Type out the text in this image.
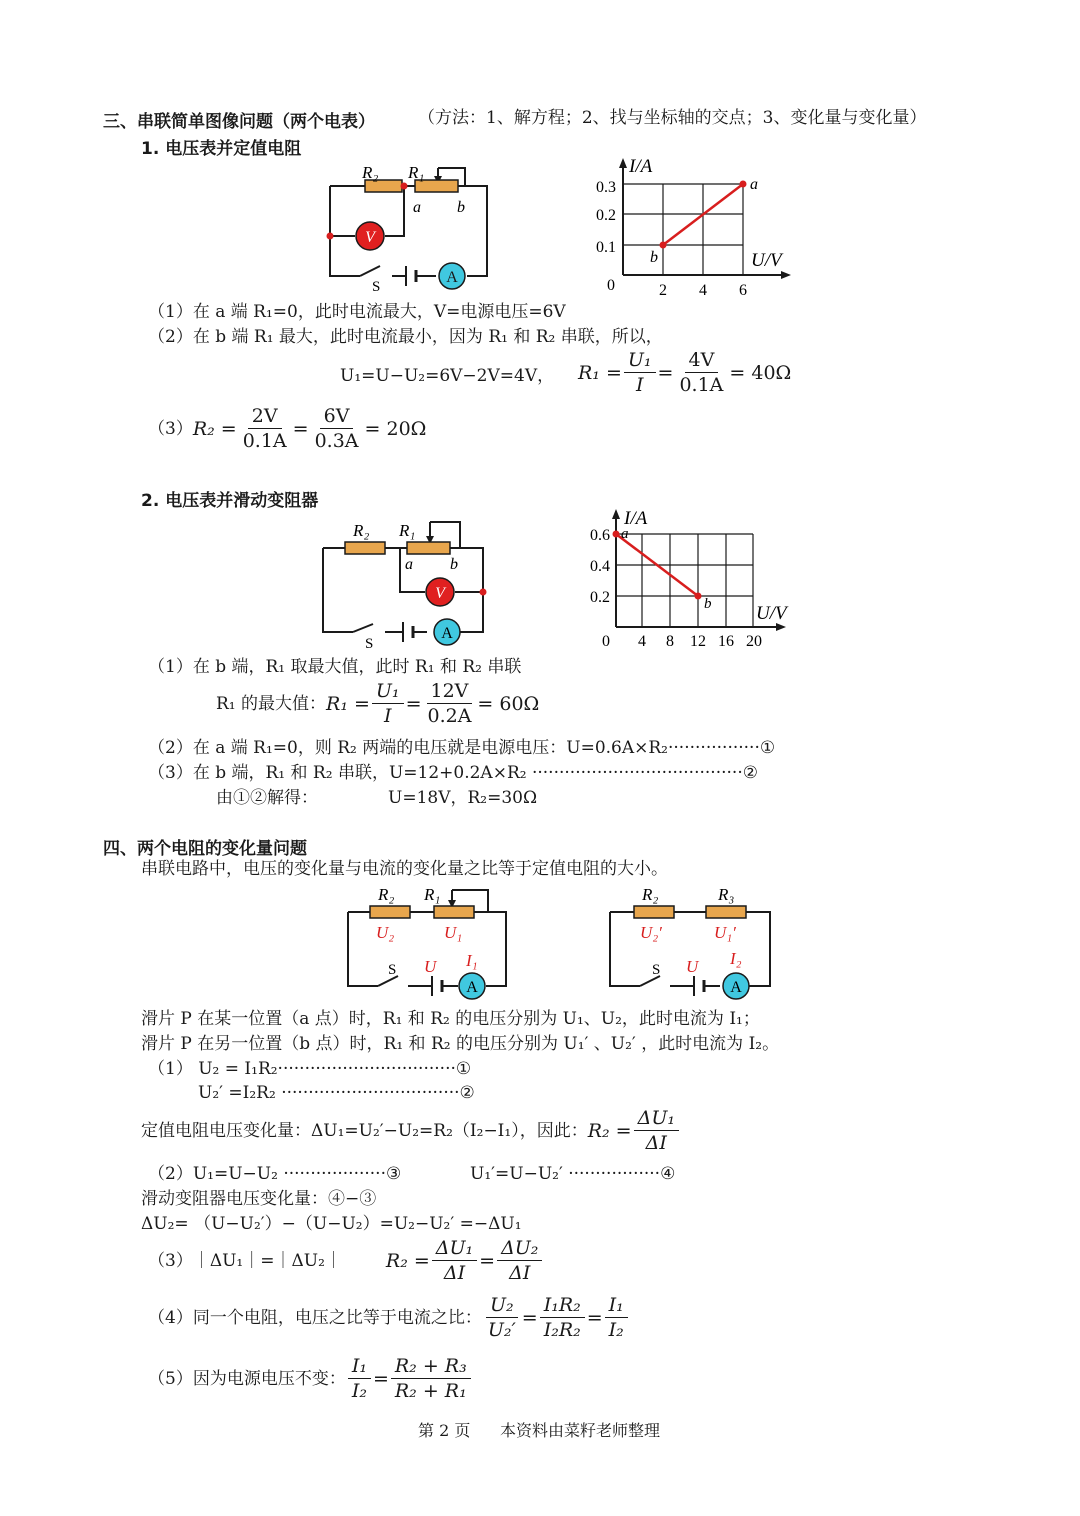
三、串联简单图像问题（两个电表）	（方法：1、解方程；2、找与坐标轴的交点；3、变化量与变化量）
1. 电压表并定值电阻
V
A
R₂ R₁
a b
S
I/A
U/V
0.3
0.2
0.1
2 4 6
0
a
b
（1）在 a 端 R₁=0，此时电流最大，V=电源电压=6V
（2）在 b 端 R₁ 最大，此时电流最小，因为 R₁ 和 R₂ 串联，所以，
U₁=U−U₂=6V−2V=4V， $R_1 = \frac{\text{U₁}}{I} = \frac{4V}{0.1A} = 40\Omega$
（3） $R_2 = \frac{2V}{0.1A} = \frac{6V}{0.3A} = 20\Omega$
2. 电压表并滑动变阻器
V
A
R₂ R₁
a b
S
I/A
U/V
0.6
0.4
0.2
0 4 8 12 16 20
a
b
（1）在 b 端，R₁ 取最大值，此时 R₁ 和 R₂ 串联
R₁ 的最大值： $R_1 = \frac{\text{U₁}}{I} = \frac{12V}{0.2A} = 60\Omega$
（2）在 a 端 R₁=0，则 R₂ 两端的电压就是电源电压：U=0.6A×R₂·················①
（3）在 b 端，R₁ 和 R₂ 串联，U=12+0.2A×R₂ ·······································②
由①②解得：	U=18V，R₂=30Ω
四、两个电阻的变化量问题
串联电路中，电压的变化量与电流的变化量之比等于定值电阻的大小。
A
R₂ R₁
U₂	U₁
I₁
U
S
A
R₂	R₃
U₂′	U₁′
I₂
U
S
滑片 P 在某一位置（a 点）时，R₁ 和 R₂ 的电压分别为 U₁、U₂，此时电流为 I₁；
滑片 P 在另一位置（b 点）时，R₁ 和 R₂ 的电压分别为 U₁′ 、U₂′ ，此时电流为 I₂。
（1） U₂ = I₁R₂·································①
U₂′ =I₂R₂ ·································②
定值电阻电压变化量：ΔU₁=U₂′−U₂=R₂（I₂−I₁），因此： $R_2 = \frac{\text{ΔU₁}}{\Delta I}$
（2）U₁=U−U₂ ···················③	U₁′=U−U₂′ ·················④
滑动变阻器电压变化量：④−③
ΔU₂= （U−U₂′）−（U−U₂）=U₂−U₂′ =−ΔU₁
（3）｜ΔU₁｜=｜ΔU₂｜ $R_2 = \frac{\text{ΔU₁}}{\Delta I} = \frac{\text{ΔU₂}}{\Delta I}$
（4）同一个电阻，电压之比等于电流之比： $\frac{\text{U₂}}{\text{U₂′}} = \frac{\text{I₁R₂}}{\text{I₂R₂}} = \frac{\text{I₁}}{\text{I₂}}$
（5）因为电源电压不变： $\frac{\text{I₁}}{\text{I₂}} = \frac{\text{R₂ + R₃}}{\text{R₂ + R₁}}$
第 2 页 本资料由菜籽老师整理
